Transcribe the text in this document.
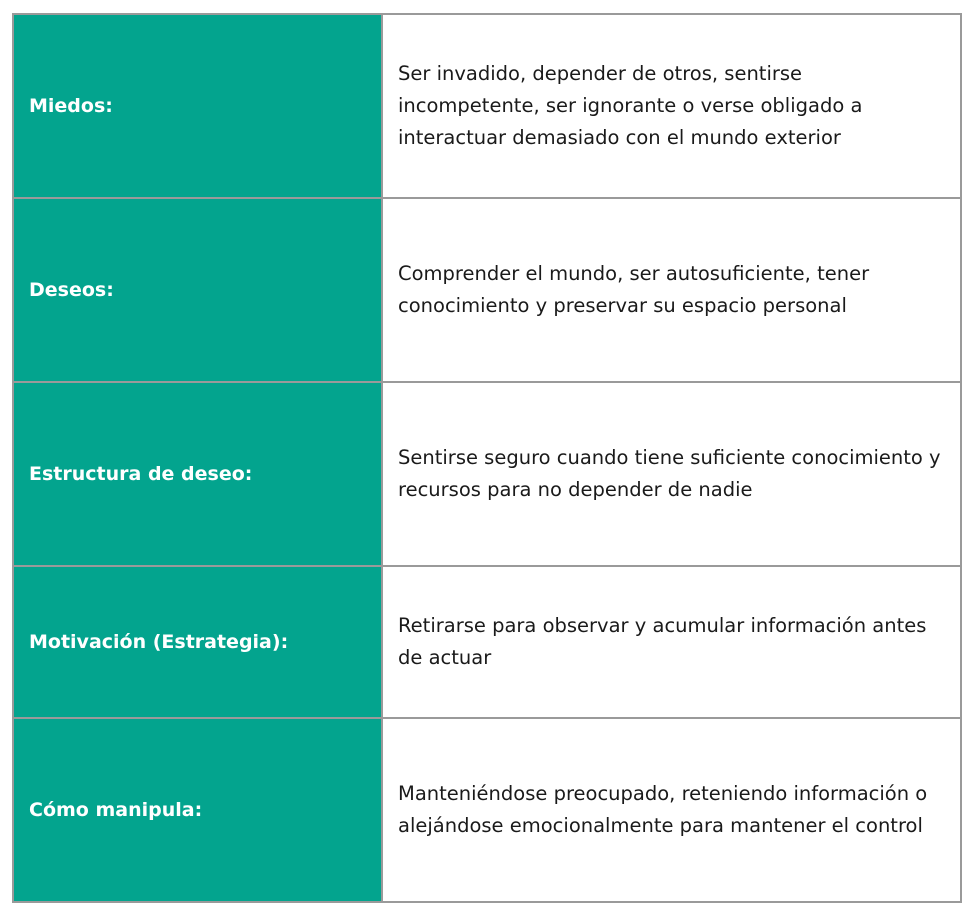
Miedos:	Ser invadido, depender de otros, sentirse incompetente, ser ignorante o verse obligado a interactuar demasiado con el mundo exterior
Deseos:	Comprender el mundo, ser autosuficiente, tener conocimiento y preservar su espacio personal
Estructura de deseo:	Sentirse seguro cuando tiene suficiente conocimiento y recursos para no depender de nadie
Motivación (Estrategia):	Retirarse para observar y acumular información antes de actuar
Cómo manipula:	Manteniéndose preocupado, reteniendo información o alejándose emocionalmente para mantener el control
